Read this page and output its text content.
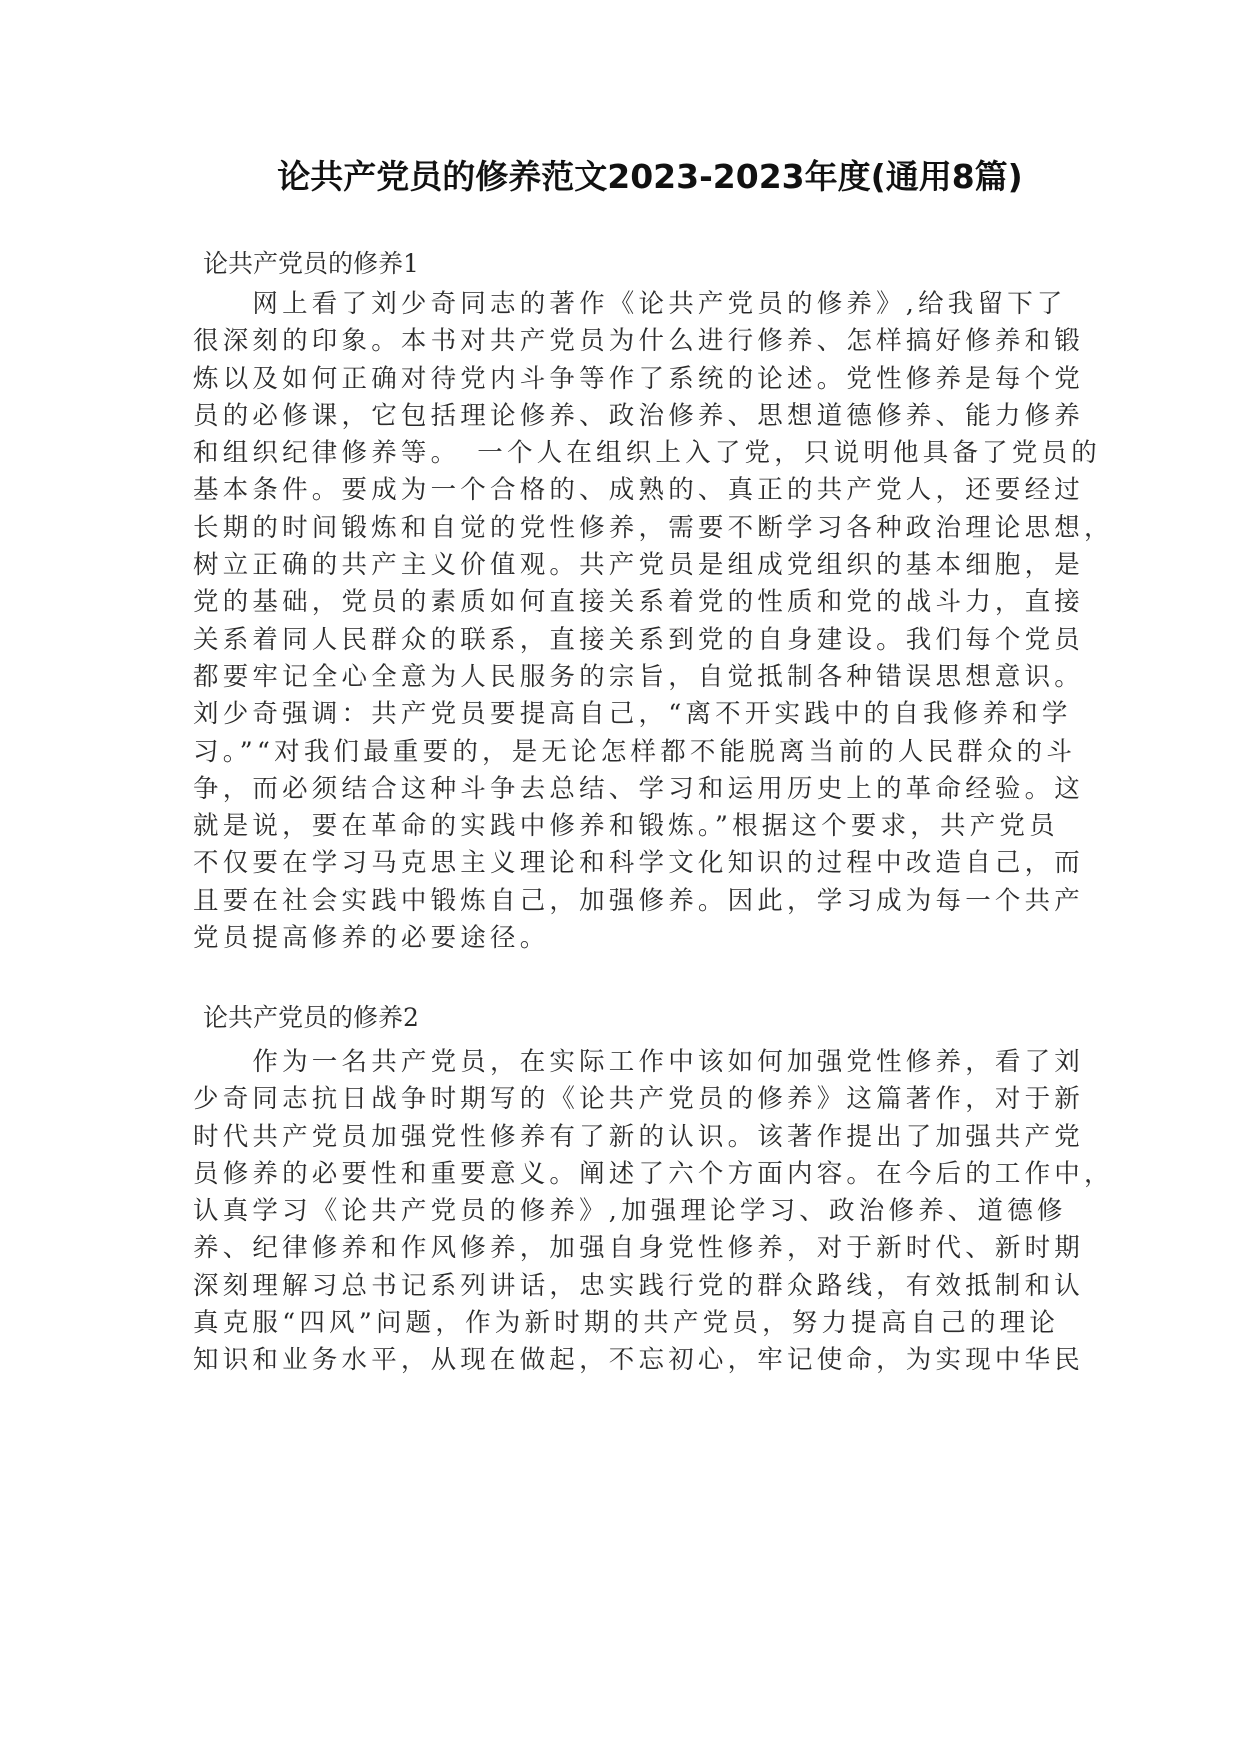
论共产党员的修养范文2023-2023年度(通用8篇)
论共产党员的修养1
　　网上看了刘少奇同志的著作《论共产党员的修养》,给我留下了
很深刻的印象。本书对共产党员为什么进行修养、怎样搞好修养和锻
炼以及如何正确对待党内斗争等作了系统的论述。党性修养是每个党
员的必修课，它包括理论修养、政治修养、思想道德修养、能力修养
和组织纪律修养等。　一个人在组织上入了党，只说明他具备了党员的
基本条件。要成为一个合格的、成熟的、真正的共产党人，还要经过
长期的时间锻炼和自觉的党性修养，需要不断学习各种政治理论思想，
树立正确的共产主义价值观。共产党员是组成党组织的基本细胞，是
党的基础，党员的素质如何直接关系着党的性质和党的战斗力，直接
关系着同人民群众的联系，直接关系到党的自身建设。我们每个党员
都要牢记全心全意为人民服务的宗旨，自觉抵制各种错误思想意识。
刘少奇强调：共产党员要提高自己，“离不开实践中的自我修养和学
习。”“对我们最重要的，是无论怎样都不能脱离当前的人民群众的斗
争，而必须结合这种斗争去总结、学习和运用历史上的革命经验。这
就是说，要在革命的实践中修养和锻炼。”根据这个要求，共产党员
不仅要在学习马克思主义理论和科学文化知识的过程中改造自己，而
且要在社会实践中锻炼自己，加强修养。因此，学习成为每一个共产
党员提高修养的必要途径。
论共产党员的修养2
　　作为一名共产党员，在实际工作中该如何加强党性修养，看了刘
少奇同志抗日战争时期写的《论共产党员的修养》这篇著作，对于新
时代共产党员加强党性修养有了新的认识。该著作提出了加强共产党
员修养的必要性和重要意义。阐述了六个方面内容。在今后的工作中，
认真学习《论共产党员的修养》,加强理论学习、政治修养、道德修
养、纪律修养和作风修养，加强自身党性修养，对于新时代、新时期
深刻理解习总书记系列讲话，忠实践行党的群众路线，有效抵制和认
真克服“四风”问题，作为新时期的共产党员，努力提高自己的理论
知识和业务水平，从现在做起，不忘初心，牢记使命，为实现中华民
